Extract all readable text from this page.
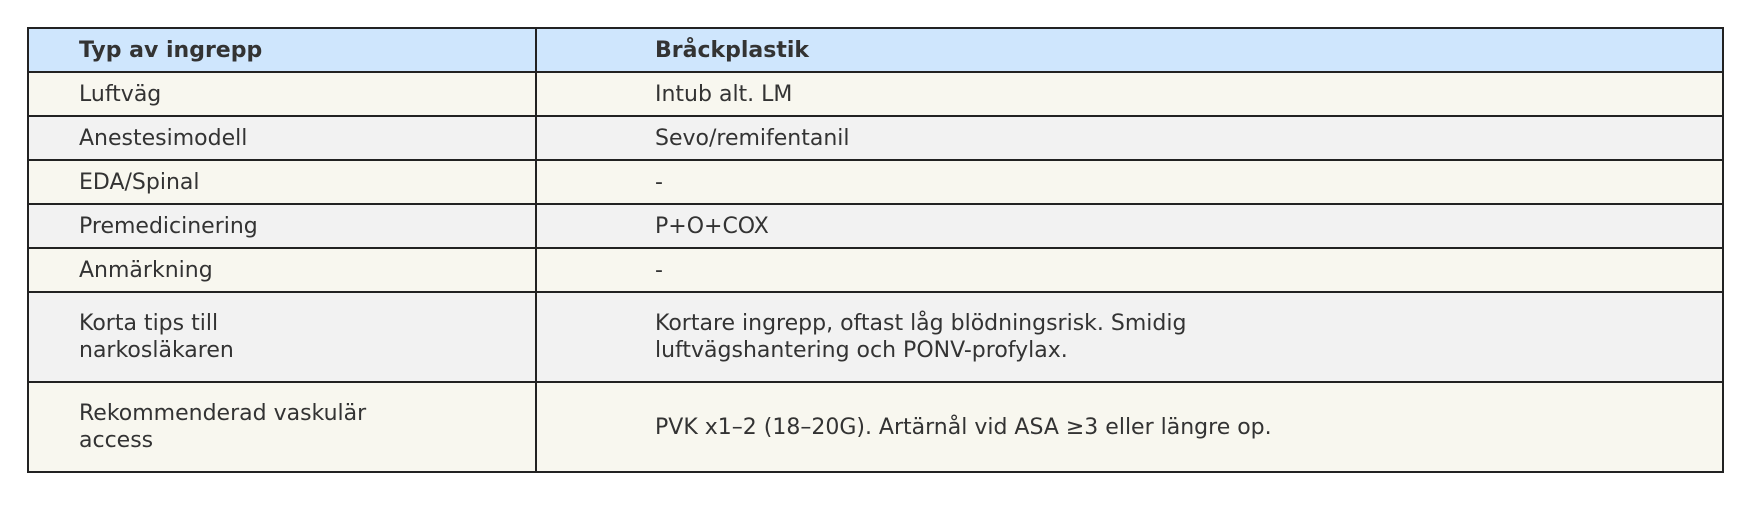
Typ av ingrepp	Bråckplastik

Luftväg	Intub alt. LM

Anestesimodell	Sevo/remifentanil

EDA/Spinal	-

Premedicinering	P+O+COX

Anmärkning	-

Korta tips till
narkosläkaren	Kortare ingrepp, oftast låg blödningsrisk. Smidig
luftvägshantering och PONV-profylax.

Rekommenderad vaskulär
access	PVK x1–2 (18–20G). Artärnål vid ASA ≥3 eller längre op.
